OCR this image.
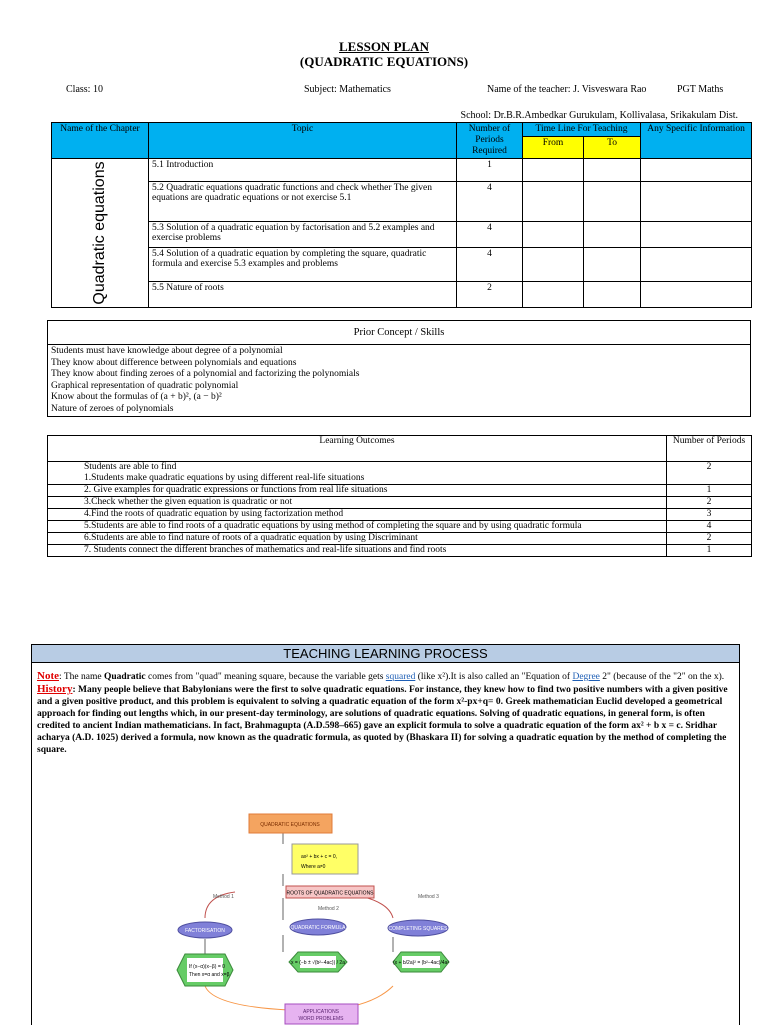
LESSON PLAN
(QUADRATIC EQUATIONS)
Class: 10	Subject: Mathematics	Name of the teacher: J. Visveswara Rao	PGT Maths
School: Dr.B.R.Ambedkar Gurukulam, Kollivalasa, Srikakulam Dist.
Name of the Chapter	Topic	Number of Periods Required	Time Line For Teaching		Any Specific Information
			From	To	

Quadratic equations	5.1 Introduction	1			
	5.2 Quadratic equations quadratic functions and check whether The given equations are quadratic equations or not exercise 5.1	4			
	5.3 Solution of a quadratic equation by factorisation and 5.2 examples and exercise problems	4			
	5.4 Solution of a quadratic equation by completing the square, quadratic formula and exercise 5.3 examples and problems	4			
	5.5 Nature of roots	2			
Prior Concept / Skills

Students must have knowledge about degree of a polynomial
They know about difference between polynomials and equations
They know about finding zeroes of a polynomial and factorizing the polynomials
Graphical representation of quadratic polynomial
Know about the formulas of (a + b)², (a − b)²
Nature of zeroes of polynomials
Learning Outcomes	Number of Periods

Students are able to find
1.Students make quadratic equations by using different real-life situations	2
2. Give examples for quadratic expressions or functions from real life situations	1
3.Check whether the given equation is quadratic or not	2
4.Find the roots of quadratic equation by using factorization method	3
5.Students are able to find roots of a quadratic equations by using method of completing the square and by using quadratic formula	4
6.Students are able to find nature of roots of a quadratic equation by using Discriminant	2
7. Students connect the different branches of mathematics and real-life situations and find roots	1
TEACHING LEARNING PROCESS
Note: The name Quadratic comes from "quad" meaning square, because the variable gets squared (like x²).It is also called an "Equation of Degree 2" (because of the "2" on the x).
History: Many people believe that Babylonians were the first to solve quadratic equations. For instance, they knew how to find two positive numbers with a given positive and a given positive product, and this problem is equivalent to solving a quadratic equation of the form x²-px+q= 0. Greek mathematician Euclid developed a geometrical approach for finding out lengths which, in our present-day terminology, are solutions of quadratic equations. Solving of quadratic equations, in general form, is often credited to ancient Indian mathematicians. In fact, Brahmagupta (A.D.598–665) gave an explicit formula to solve a quadratic equation of the form ax² + b x = c. Sridhar acharya (A.D. 1025) derived a formula, now known as the quadratic formula, as quoted by (Bhaskara II) for solving a quadratic equation by the method of completing the square.
QUADRATIC EQUATIONS
ax² + bx + c = 0,
Where a≠0
ROOTS OF QUADRATIC EQUATIONS
Method 1
Method 2
Method 3
FACTORISATION	QUADRATIC FORMULA	COMPLETING SQUARES
If (x−α)(x−β) = 0
Then x=α and x=β
x = (−b ± √(b²−4ac)) / 2a	(x + b/2a)² = (b²−4ac)/4a²
APPLICATIONS
WORD PROBLEMS
